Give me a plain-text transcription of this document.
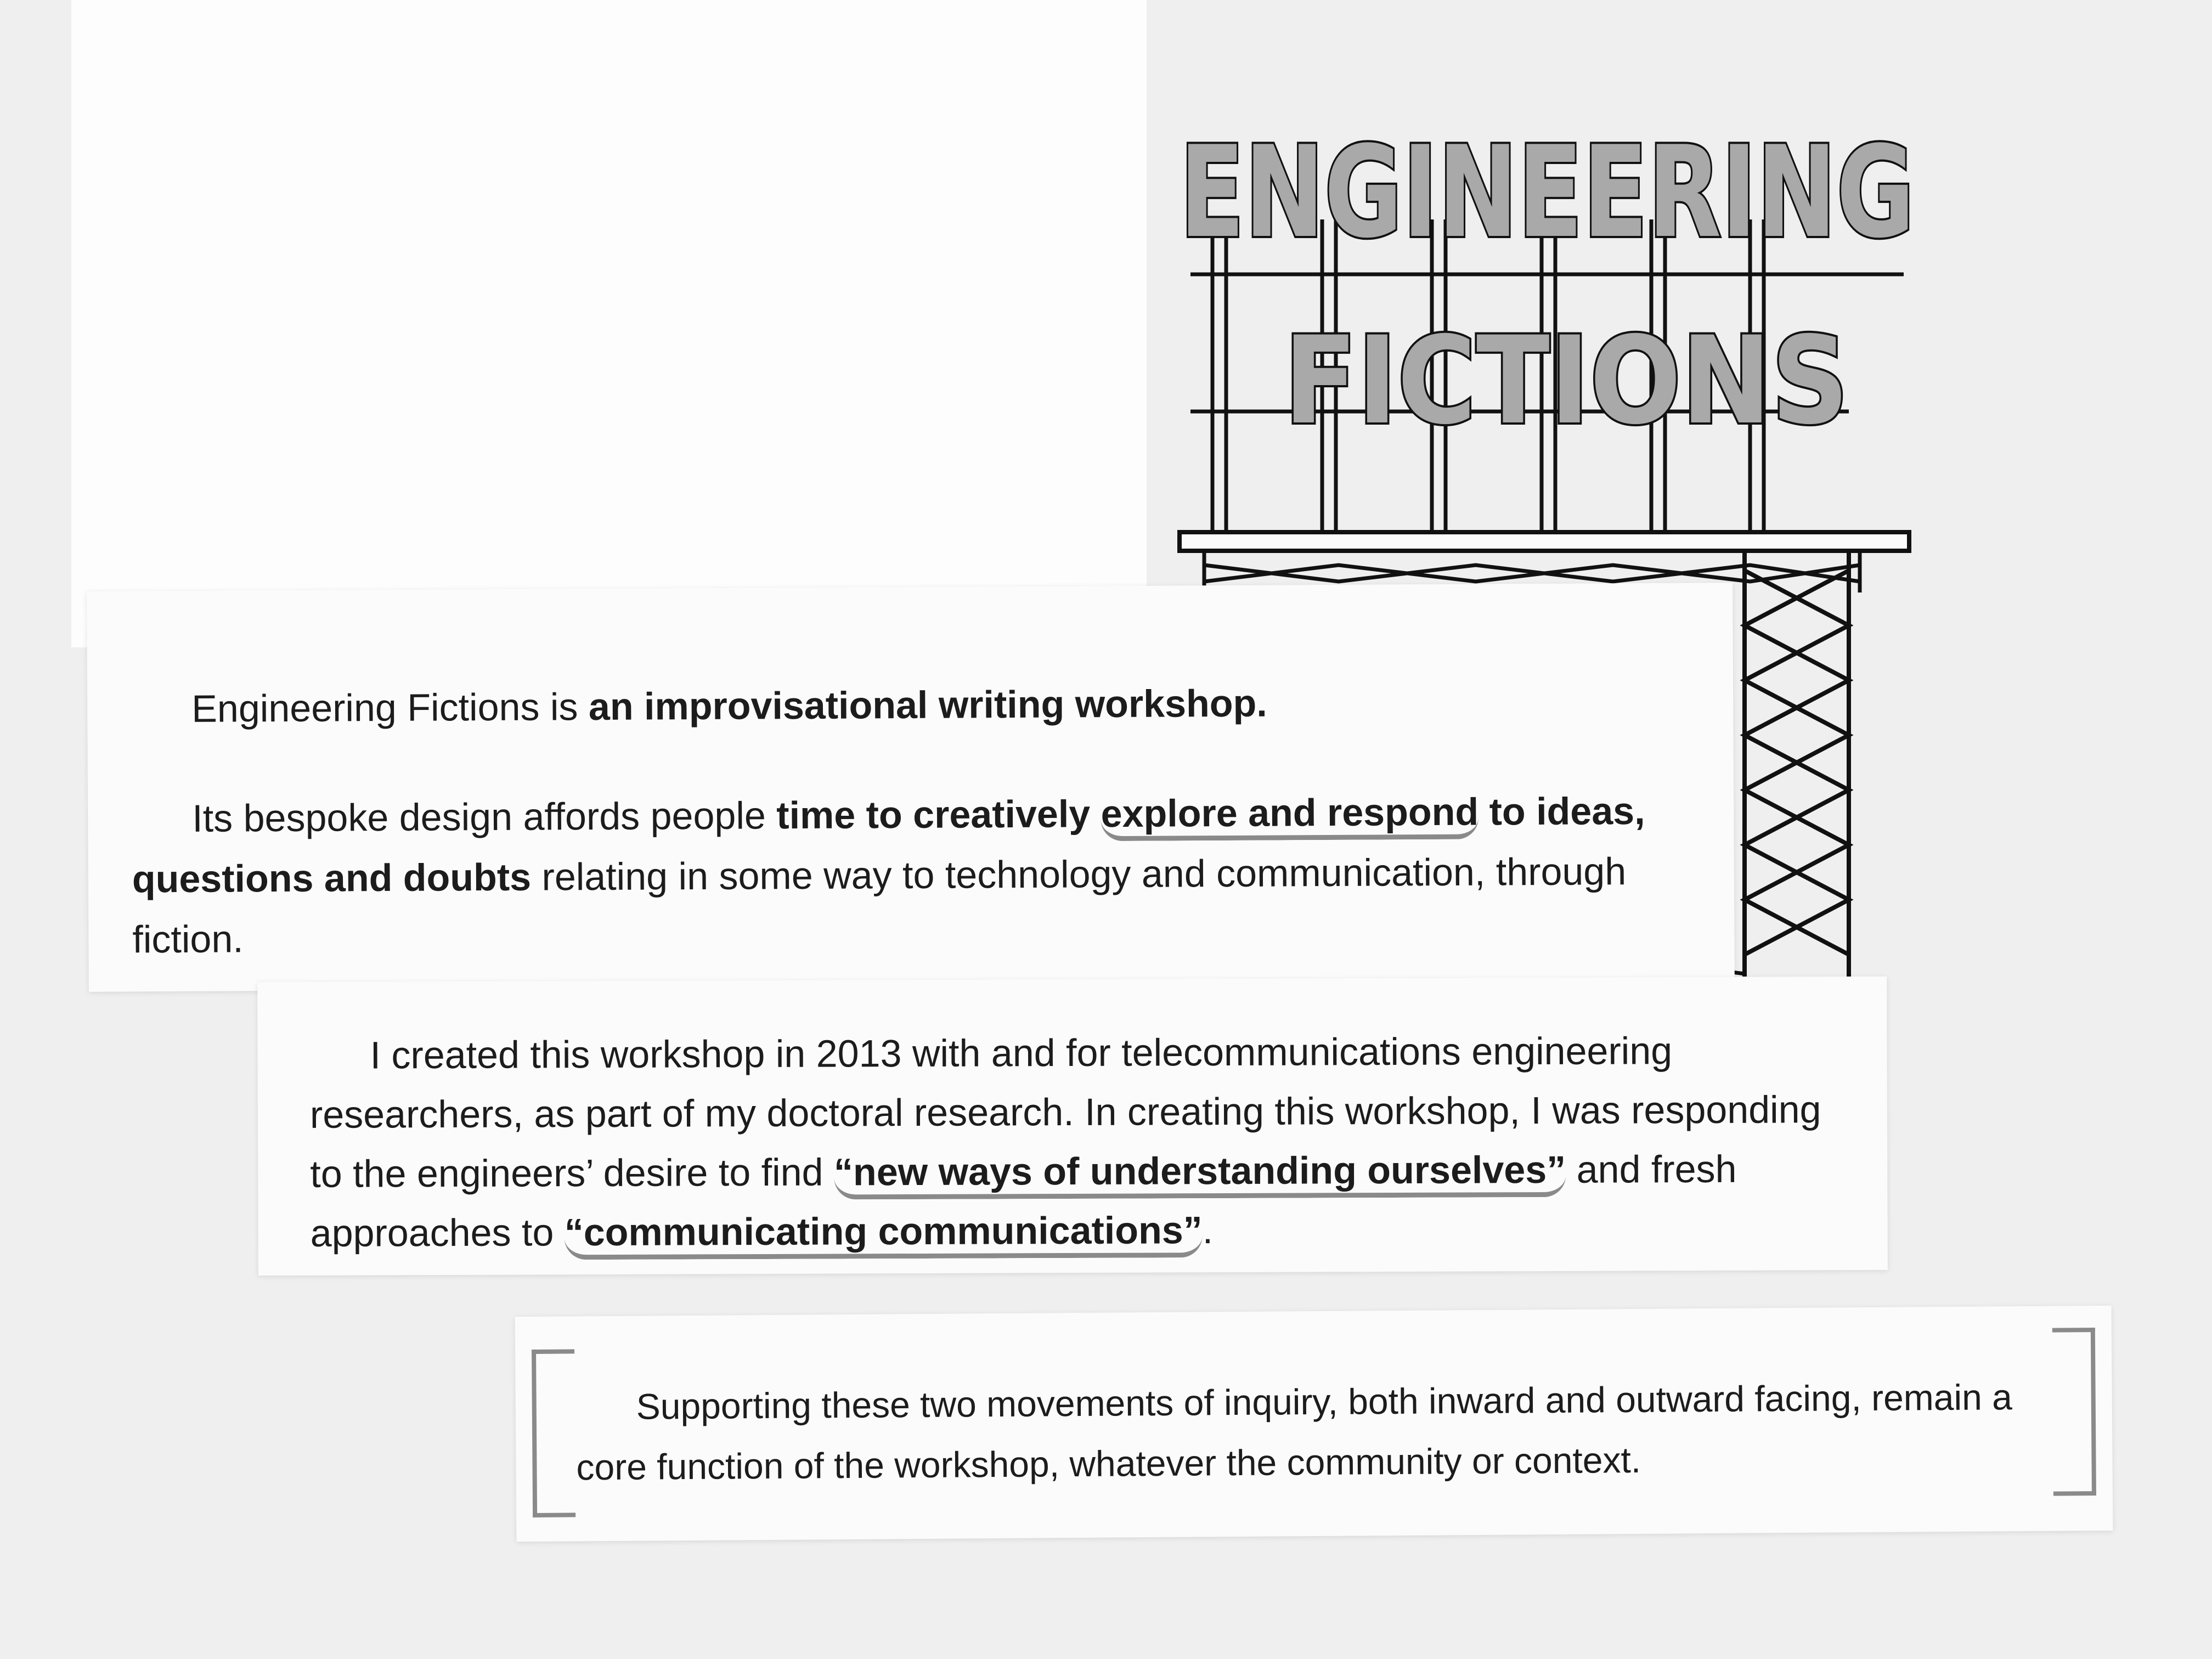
ENGINEERING
FICTIONS

Engineering Fictions is an improvisational writing workshop.

Its bespoke design affords people time to creatively explore and respond to ideas, questions and doubts relating in some way to technology and communication, through fiction.

I created this workshop in 2013 with and for telecommunications engineering researchers, as part of my doctoral research. In creating this workshop, I was responding to the engineers’ desire to find “new ways of understanding ourselves” and fresh approaches to “communicating communications”.

Supporting these two movements of inquiry, both inward and outward facing, remain a core function of the workshop, whatever the community or context.
